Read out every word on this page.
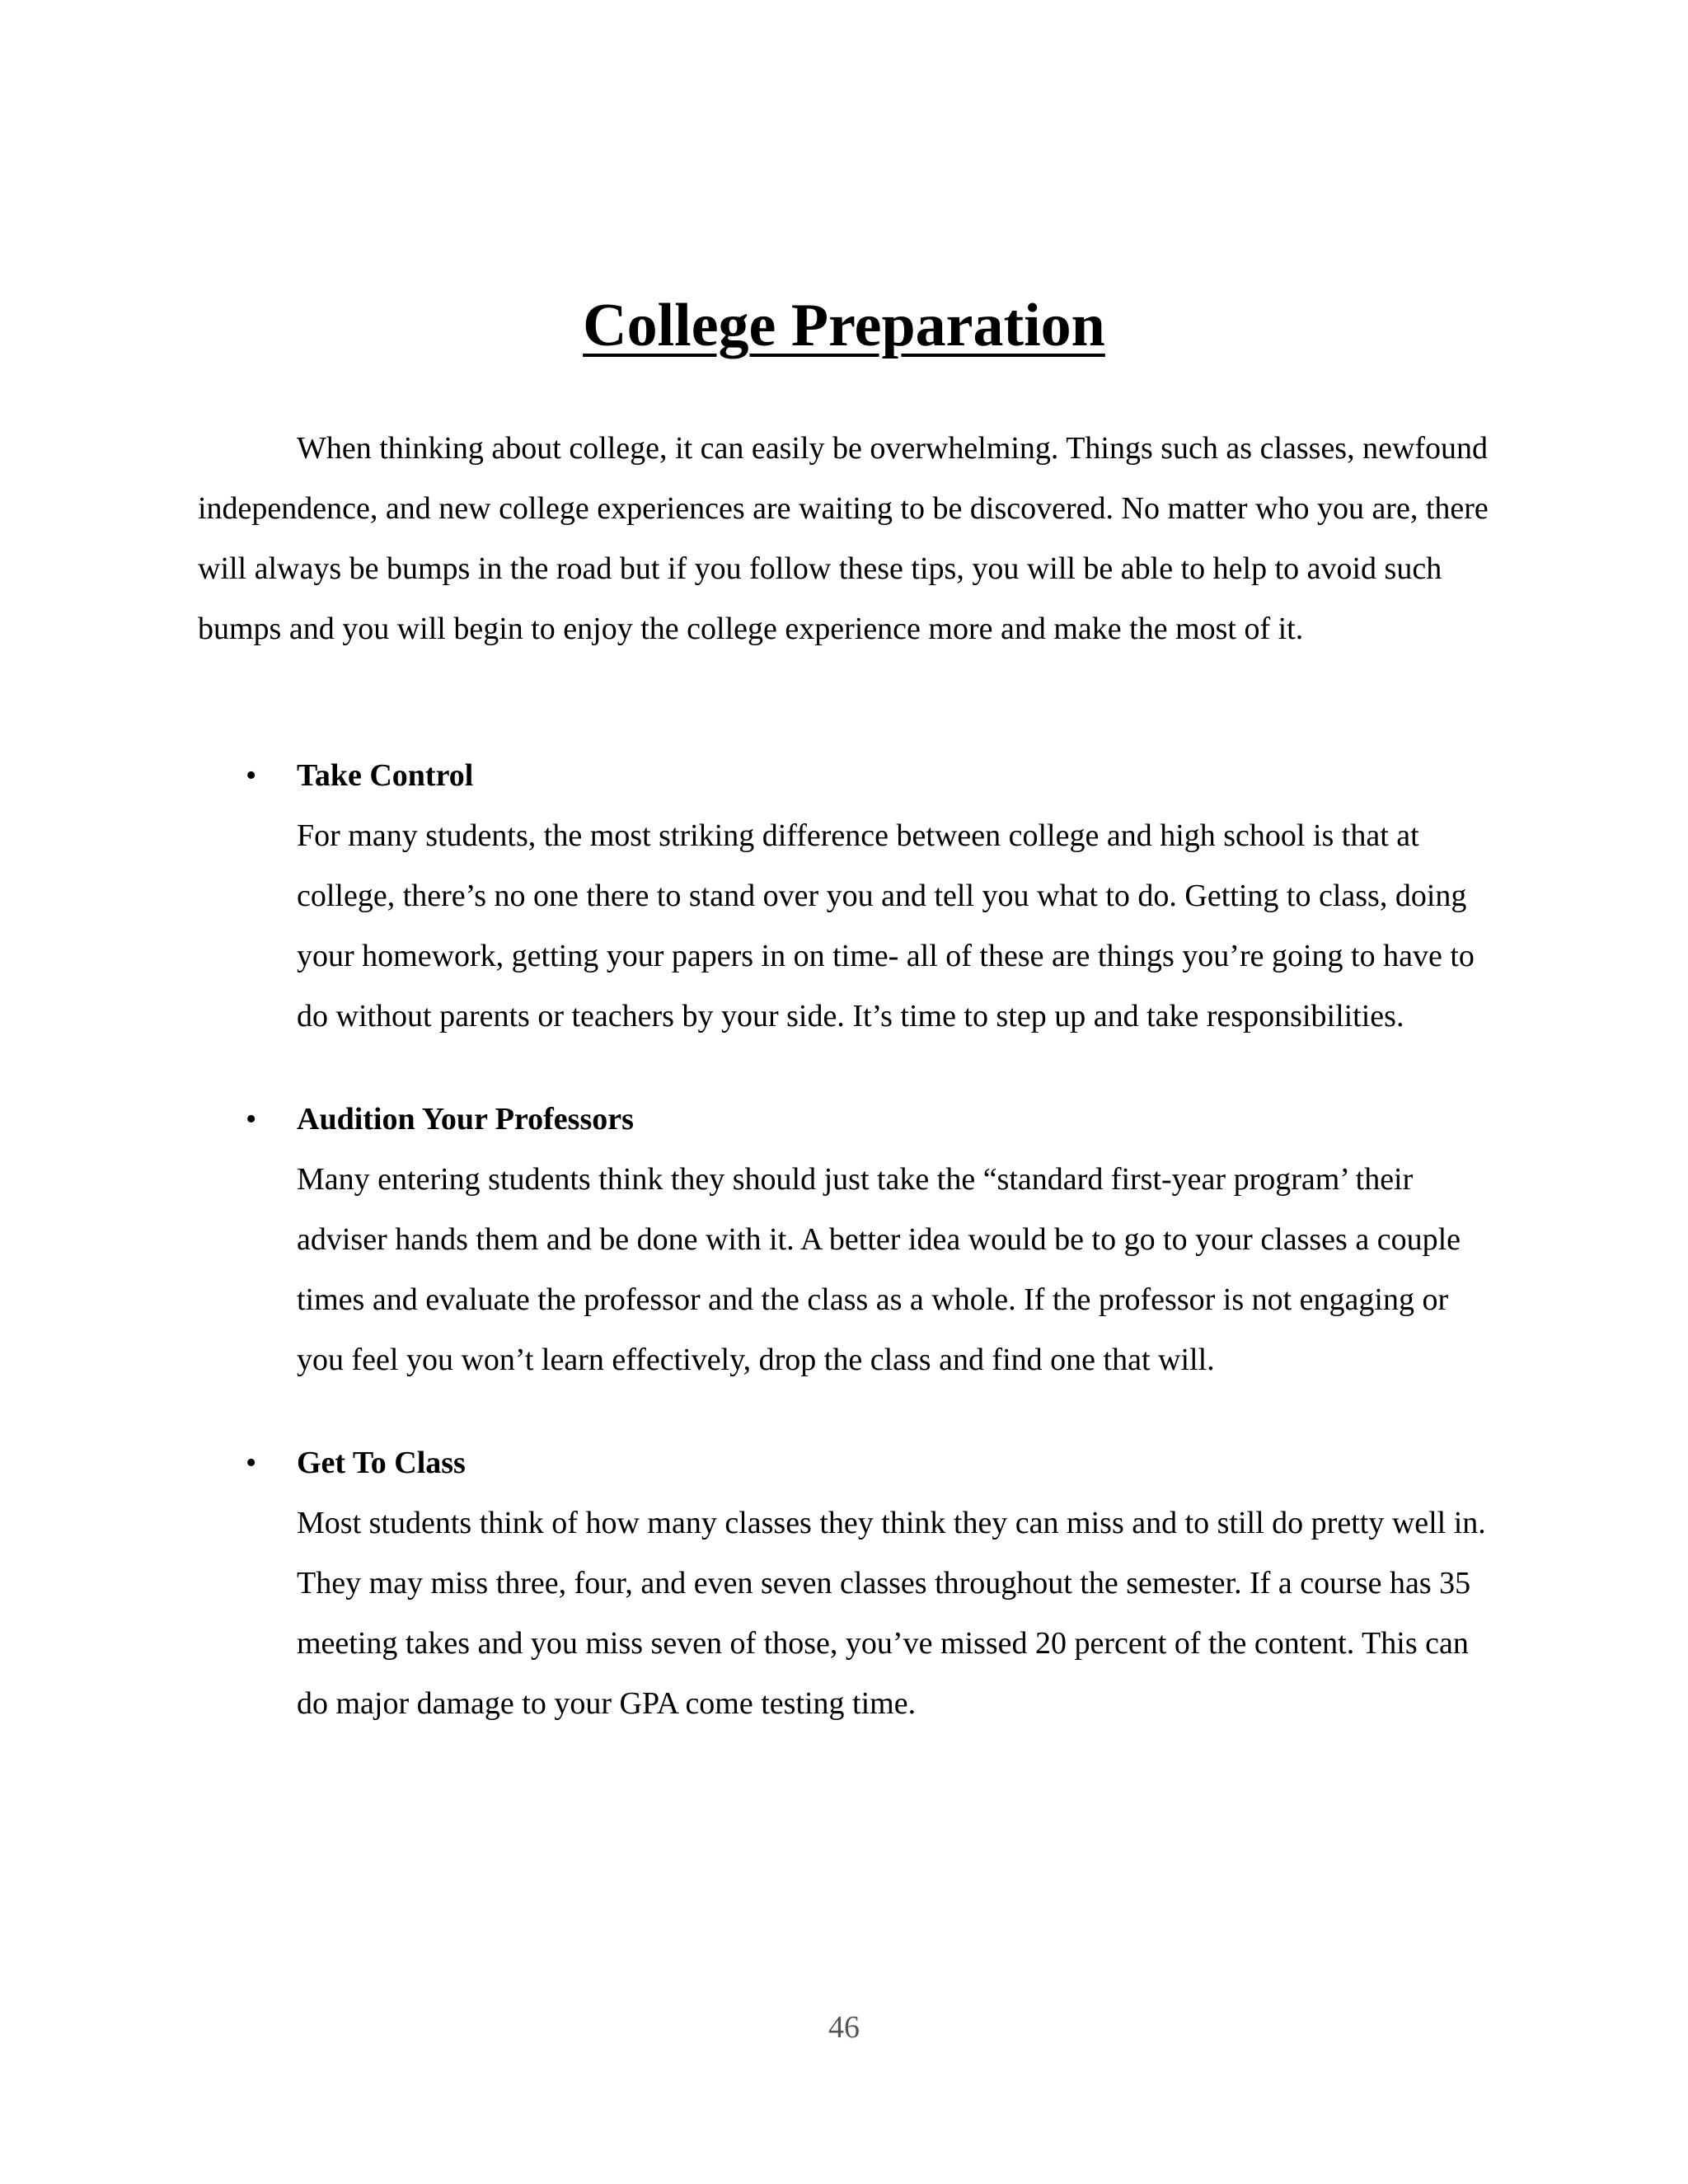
College Preparation

When thinking about college, it can easily be overwhelming. Things such as classes, newfound independence, and new college experiences are waiting to be discovered. No matter who you are, there will always be bumps in the road but if you follow these tips, you will be able to help to avoid such bumps and you will begin to enjoy the college experience more and make the most of it.

• Take Control
For many students, the most striking difference between college and high school is that at college, there’s no one there to stand over you and tell you what to do. Getting to class, doing your homework, getting your papers in on time- all of these are things you’re going to have to do without parents or teachers by your side. It’s time to step up and take responsibilities.
• Audition Your Professors
Many entering students think they should just take the “standard first-year program’ their adviser hands them and be done with it. A better idea would be to go to your classes a couple times and evaluate the professor and the class as a whole. If the professor is not engaging or you feel you won’t learn effectively, drop the class and find one that will.
• Get To Class
Most students think of how many classes they think they can miss and to still do pretty well in. They may miss three, four, and even seven classes throughout the semester. If a course has 35 meeting takes and you miss seven of those, you’ve missed 20 percent of the content. This can do major damage to your GPA come testing time.
46
